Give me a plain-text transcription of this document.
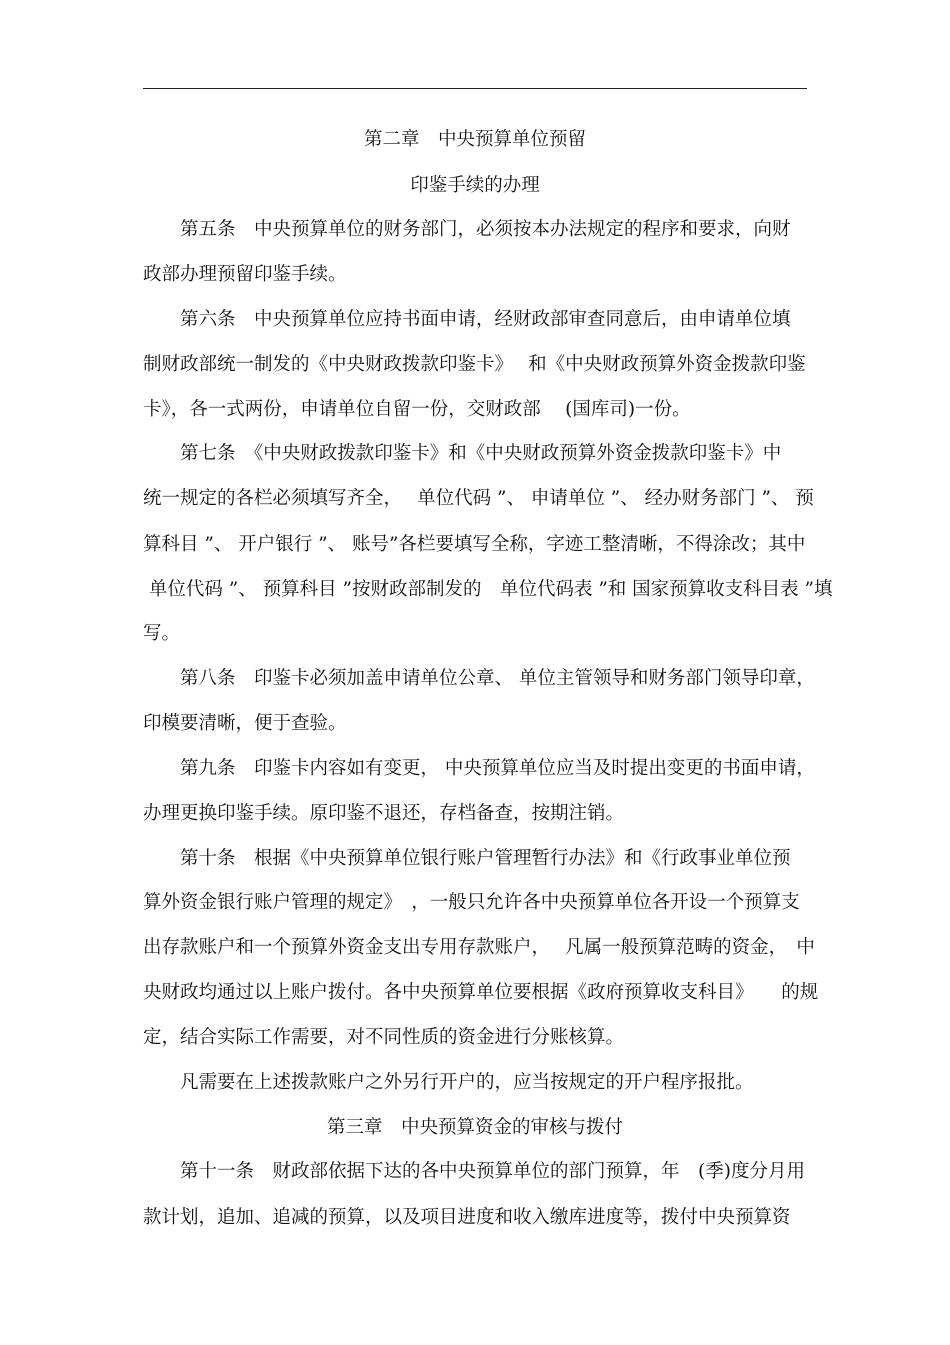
第二章　中央预算单位预留
印鉴手续的办理
　　第五条　中央预算单位的财务部门，必须按本办法规定的程序和要求，向财
政部办理预留印鉴手续。
　　第六条　中央预算单位应持书面申请，经财政部审查同意后，由申请单位填
制财政部统一制发的《中央财政拨款印鉴卡》　 和《中央财政预算外资金拨款印鉴
卡》，各一式两份，申请单位自留一份，交财政部　 (国库司)一份。
　　第七条　《中央财政拨款印鉴卡》和《中央财政预算外资金拨款印鉴卡》中
统一规定的各栏必须填写齐全，　 单位代码 ”、 申请单位 ”、 经办财务部门 ”、 预
算科目 ”、 开户银行 ”、 账号”各栏要填写全称，字迹工整清晰，不得涂改；其中
单位代码 ”、 预算科目 ”按财政部制发的　单位代码表 ”和 国家预算收支科目表 ”填
写。
　　第八条　印鉴卡必须加盖申请单位公章、 单位主管领导和财务部门领导印章，
印模要清晰，便于查验。
　　第九条　印鉴卡内容如有变更， 中央预算单位应当及时提出变更的书面申请，
办理更换印鉴手续。原印鉴不退还，存档备查，按期注销。
　　第十条　根据《中央预算单位银行账户管理暂行办法》和《行政事业单位预
算外资金银行账户管理的规定》　，一般只允许各中央预算单位各开设一个预算支
出存款账户和一个预算外资金支出专用存款账户，　 凡属一般预算范畴的资金，　中
央财政均通过以上账户拨付。各中央预算单位要根据《政府预算收支科目》　　的规
定，结合实际工作需要，对不同性质的资金进行分账核算。
　　凡需要在上述拨款账户之外另行开户的，应当按规定的开户程序报批。
第三章　中央预算资金的审核与拨付
　　第十一条　财政部依据下达的各中央预算单位的部门预算，年　(季)度分月用
款计划，追加、追减的预算，以及项目进度和收入缴库进度等，拨付中央预算资
